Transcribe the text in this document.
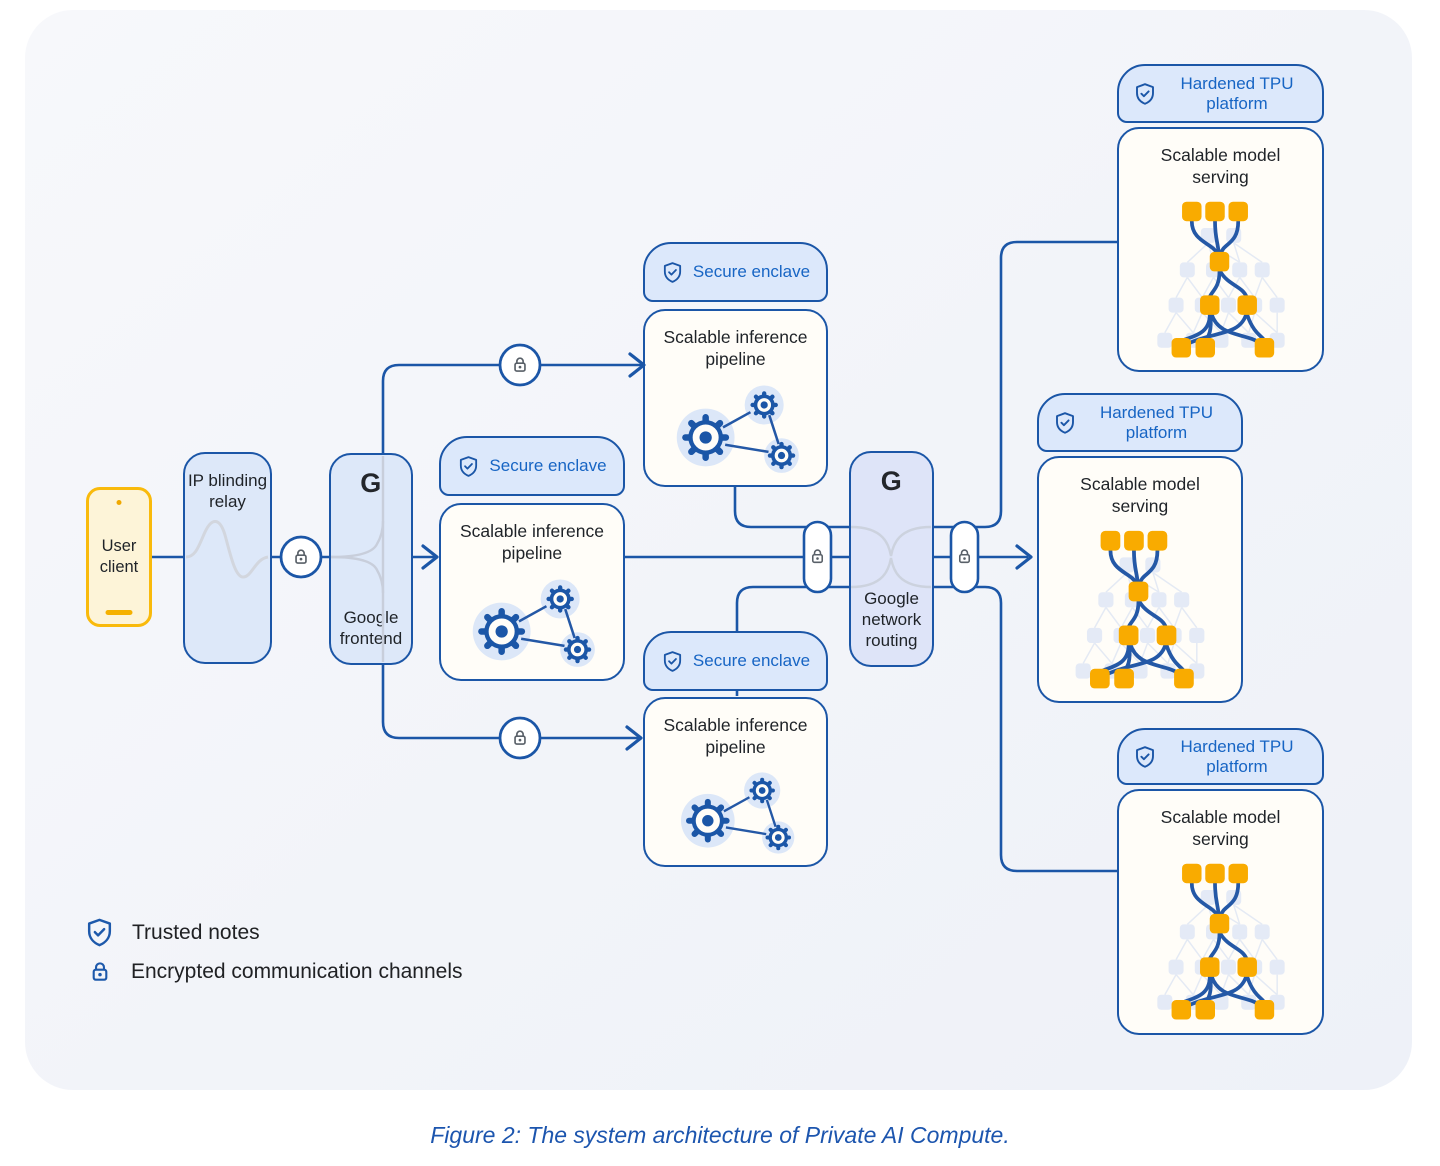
User client
IP blinding relay
G
Google frontend
Secure enclave
Scalable inference pipeline
Secure enclave
Scalable inference pipeline
Secure enclave
Scalable inference pipeline
G
Google network routing
Hardened TPU platform
Scalable model serving
Hardened TPU platform
Scalable model serving
Hardened TPU platform
Scalable model serving
Trusted notes
Encrypted communication channels
Figure 2: The system architecture of Private AI Compute.
